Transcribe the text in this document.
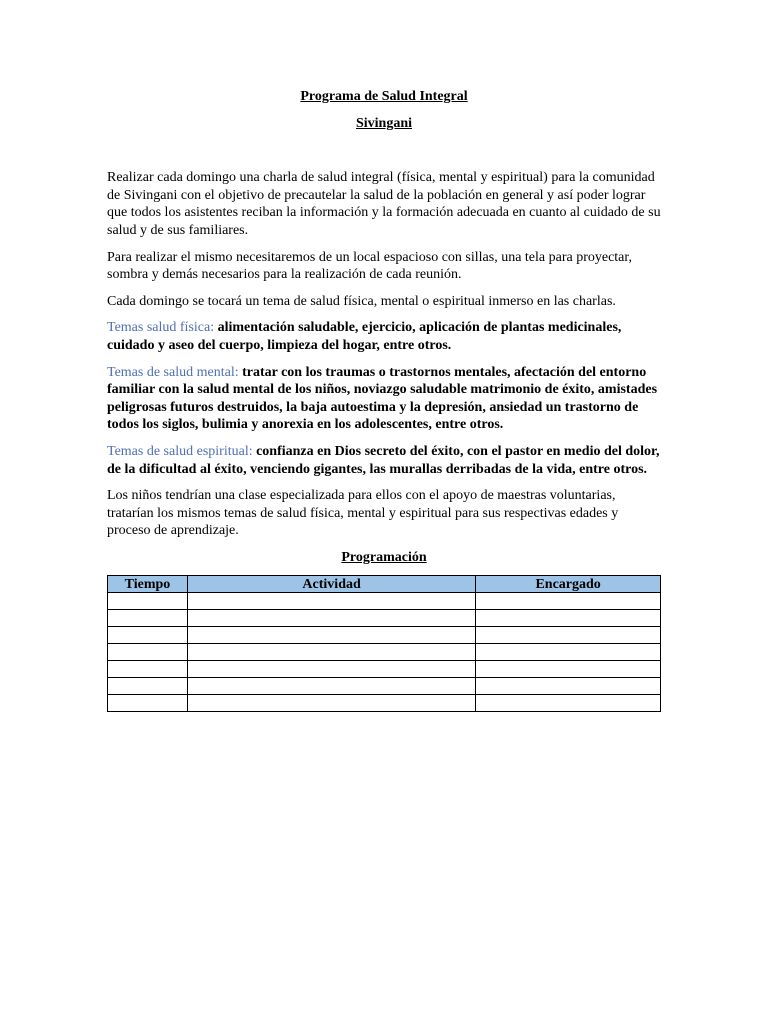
Programa de Salud Integral

Sivingani

Realizar cada domingo una charla de salud integral (física, mental y espiritual) para la comunidad de Sivingani con el objetivo de precautelar la salud de la población en general y así poder lograr que todos los asistentes reciban la información y la formación adecuada en cuanto al cuidado de su salud y de sus familiares.

Para realizar el mismo necesitaremos de un local espacioso con sillas, una tela para proyectar, sombra y demás necesarios para la realización de cada reunión.

Cada domingo se tocará un tema de salud física, mental o espiritual inmerso en las charlas.

Temas salud física: alimentación saludable, ejercicio, aplicación de plantas medicinales, cuidado y aseo del cuerpo, limpieza del hogar, entre otros.

Temas de salud mental: tratar con los traumas o trastornos mentales, afectación del entorno familiar con la salud mental de los niños, noviazgo saludable matrimonio de éxito, amistades peligrosas futuros destruidos, la baja autoestima y la depresión, ansiedad un trastorno de todos los siglos, bulimia y anorexia en los adolescentes, entre otros.

Temas de salud espiritual: confianza en Dios secreto del éxito, con el pastor en medio del dolor, de la dificultad al éxito, venciendo gigantes, las murallas derribadas de la vida, entre otros.

Los niños tendrían una clase especializada para ellos con el apoyo de maestras voluntarias, tratarían los mismos temas de salud física, mental y espiritual para sus respectivas edades y proceso de aprendizaje.

Programación

Tiempo	Actividad	Encargado
